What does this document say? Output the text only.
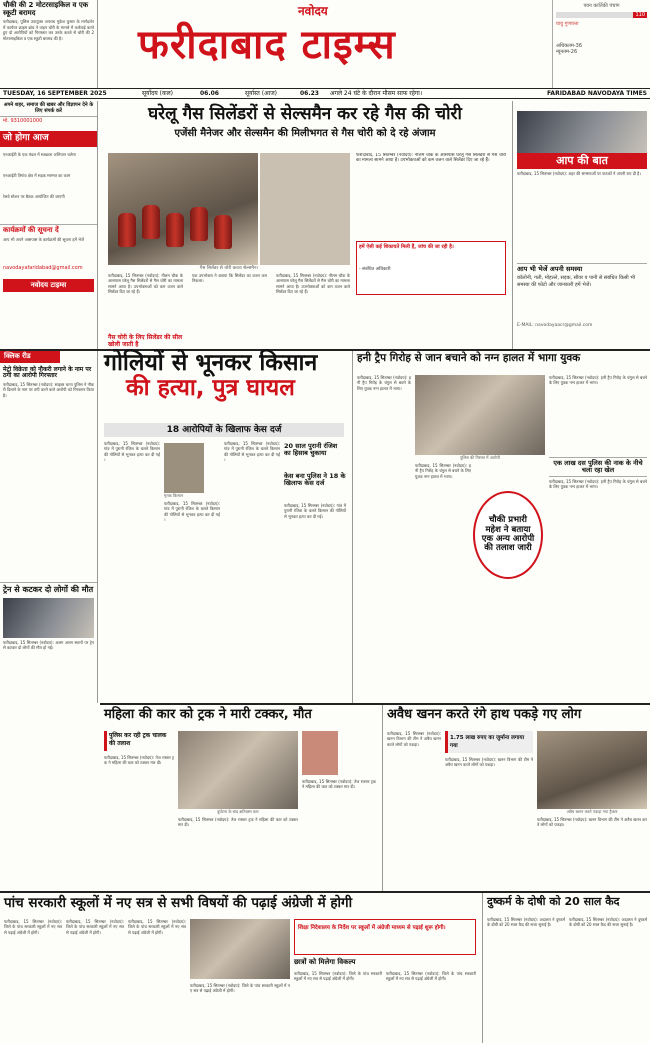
चौकी की 2 मोटरसाइकिल व एक स्कूटी बरामद
फरीदाबाद, पुलिस उपायुक्त अपराध मुकेश कुमार के मार्गदर्शन में कार्यरत क्राइम ब्रांच ने वाहन चोरी के मामले में कार्रवाई करते हुए दो आरोपियों को गिरफ्तार कर उनके कब्जे से चोरी की 2 मोटरसाइकिल व एक स्कूटी बरामद की है।
नवोदय
फरीदाबाद टाइम्स
पवन कार्तिकी पंचांग
110
वायु गुणवत्ता
अधिकतम-36
न्यूनतम-26
TUESDAY, 16 SEPTEMBER 2025	सूर्योदय (कल)	06.06	सूर्यास्त (आज)	06.23 अगले 24 घंटे के दौरान मौसम साफ रहेगा।	FARIDABAD NAVODAYA TIMES
अपने शहर, समाज की खबर और विज्ञापन देने के लिए संपर्क करें
मो. 9310001000
जो होगा आज
एनआईटी के एक मंडल में स्वच्छता अभियान चलेगा
एनआईटी तिगांव क्षेत्र में सड़क मरम्मत का काम
रेलवे स्टेशन पर बैठक आयोजित की जाएगी
कार्यक्रमों की सूचना दें
आप भी अपने आसपास के कार्यक्रमों की सूचना हमें भेजें
navodayafaridabad@gmail.com
नवोदय टाइम्स
घरेलू गैस सिलेंडरों से सेल्समैन कर रहे गैस की चोरी
एजेंसी मैनेजर और सेल्समैन की मिलीभगत से गैस चोरी को दे रहे अंजाम
गैस सिलेंडर से चोरी करता सेल्समैन।
फरीदाबाद, 15 सितम्बर (नवोदय): नीलम चौक के आसपास घरेलू गैस सिलेंडरों से गैस चोरी का मामला सामने आया है। उपभोक्ताओं को कम वजन वाले सिलेंडर दिए जा रहे हैं।
गैस चोरी के लिए सिलेंडर की सील खोली जाती है
एक उपभोक्ता ने बताया कि सिलेंडर का वजन कम निकला।
फरीदाबाद, 15 सितम्बर (नवोदय): नीलम चौक के आसपास घरेलू गैस सिलेंडरों से गैस चोरी का मामला सामने आया है। उपभोक्ताओं को कम वजन वाले सिलेंडर दिए जा रहे हैं।
फरीदाबाद, 15 सितम्बर (नवोदय): नीलम चौक के आसपास घरेलू गैस सिलेंडरों से गैस चोरी का मामला सामने आया है। उपभोक्ताओं को कम वजन वाले सिलेंडर दिए जा रहे हैं।
हमें ऐसी कई शिकायतें मिली हैं, जांच की जा रही है।
- संबंधित अधिकारी
आप की बात
फरीदाबाद, 15 सितम्बर (नवोदय): शहर की समस्याओं पर पाठकों ने अपनी राय दी है।
आप भी भेजें अपनी समस्या
कॉलोनी, गली, मोहल्ले, सड़क, सीवर व पानी से संबंधित किसी भी समस्या की फोटो और जानकारी हमें भेजें।
E-MAIL: navodayaacr@gmail.com
क्लिक रीड
मेट्रो विक्रेता को नौकरी लगाने के नाम पर ठगी का आरोपी गिरफ्तार
फरीदाबाद, 15 सितम्बर (नवोदय): साइबर थाना पुलिस ने नौकरी दिलाने के नाम पर ठगी करने वाले आरोपी को गिरफ्तार किया है।
ट्रेन से कटकर दो लोगों की मौत
फरीदाबाद, 15 सितम्बर (नवोदय): अलग अलग स्थानों पर ट्रेन से कटकर दो लोगों की मौत हो गई।
गोलियों से भूनकर किसान
की हत्या, पुत्र घायल
18 आरोपियों के खिलाफ केस दर्ज
फरीदाबाद, 15 सितम्बर (नवोदय): गांव में पुरानी रंजिश के चलते किसान की गोलियों से भूनकर हत्या कर दी गई।
मृतक किसान
फरीदाबाद, 15 सितम्बर (नवोदय): गांव में पुरानी रंजिश के चलते किसान की गोलियों से भूनकर हत्या कर दी गई।
फरीदाबाद, 15 सितम्बर (नवोदय): गांव में पुरानी रंजिश के चलते किसान की गोलियों से भूनकर हत्या कर दी गई।
20 साल पुरानी रंजिश का हिसाब चुकाया
केस बना पुलिस ने 18 के खिलाफ केस दर्ज
फरीदाबाद, 15 सितम्बर (नवोदय): गांव में पुरानी रंजिश के चलते किसान की गोलियों से भूनकर हत्या कर दी गई।
हनी ट्रैप गिरोह से जान बचाने को नग्न हालत में भागा युवक
फरीदाबाद, 15 सितम्बर (नवोदय): हनी ट्रैप गिरोह के चंगुल से बचने के लिए युवक नग्न हालत में भागा।
पुलिस की गिरफ्त में आरोपी
फरीदाबाद, 15 सितम्बर (नवोदय): हनी ट्रैप गिरोह के चंगुल से बचने के लिए युवक नग्न हालत में भागा।
चौकी प्रभारी महेश ने बताया एक अन्य आरोपी की तलाश जारी
फरीदाबाद, 15 सितम्बर (नवोदय): हनी ट्रैप गिरोह के चंगुल से बचने के लिए युवक नग्न हालत में भागा।
एक लाख दस पुलिस की नाक के नीचे चला रहा खेल
फरीदाबाद, 15 सितम्बर (नवोदय): हनी ट्रैप गिरोह के चंगुल से बचने के लिए युवक नग्न हालत में भागा।
महिला की कार को ट्रक ने मारी टक्कर, मौत
पुलिस कर रही ट्रक चालक की तलाश
फरीदाबाद, 15 सितम्बर (नवोदय): तेज रफ्तार ट्रक ने महिला की कार को टक्कर मार दी।
दुर्घटना के बाद क्षतिग्रस्त कार
फरीदाबाद, 15 सितम्बर (नवोदय): तेज रफ्तार ट्रक ने महिला की कार को टक्कर मार दी।
फरीदाबाद, 15 सितम्बर (नवोदय): तेज रफ्तार ट्रक ने महिला की कार को टक्कर मार दी।
अवैध खनन करते रंगे हाथ पकड़े गए लोग
फरीदाबाद, 15 सितम्बर (नवोदय): खनन विभाग की टीम ने अवैध खनन करते लोगों को पकड़ा।
1.75 लाख रुपए का जुर्माना लगाया गया
फरीदाबाद, 15 सितम्बर (नवोदय): खनन विभाग की टीम ने अवैध खनन करते लोगों को पकड़ा।
अवैध खनन करते पकड़ा गया ट्रैक्टर
फरीदाबाद, 15 सितम्बर (नवोदय): खनन विभाग की टीम ने अवैध खनन करते लोगों को पकड़ा।
पांच सरकारी स्कूलों में नए सत्र से सभी विषयों की पढ़ाई अंग्रेजी में होगी
फरीदाबाद, 15 सितम्बर (नवोदय): जिले के पांच सरकारी स्कूलों में नए सत्र से पढ़ाई अंग्रेजी में होगी।
फरीदाबाद, 15 सितम्बर (नवोदय): जिले के पांच सरकारी स्कूलों में नए सत्र से पढ़ाई अंग्रेजी में होगी।
फरीदाबाद, 15 सितम्बर (नवोदय): जिले के पांच सरकारी स्कूलों में नए सत्र से पढ़ाई अंग्रेजी में होगी।
फरीदाबाद, 15 सितम्बर (नवोदय): जिले के पांच सरकारी स्कूलों में नए सत्र से पढ़ाई अंग्रेजी में होगी।
शिक्षा निदेशालय के निर्देश पर स्कूलों में अंग्रेजी माध्यम से पढ़ाई शुरू होगी।
छात्रों को मिलेगा विकल्प
फरीदाबाद, 15 सितम्बर (नवोदय): जिले के पांच सरकारी स्कूलों में नए सत्र से पढ़ाई अंग्रेजी में होगी।
फरीदाबाद, 15 सितम्बर (नवोदय): जिले के पांच सरकारी स्कूलों में नए सत्र से पढ़ाई अंग्रेजी में होगी।
दुष्कर्म के दोषी को 20 साल कैद
फरीदाबाद, 15 सितम्बर (नवोदय): अदालत ने दुष्कर्म के दोषी को 20 साल कैद की सजा सुनाई है।
फरीदाबाद, 15 सितम्बर (नवोदय): अदालत ने दुष्कर्म के दोषी को 20 साल कैद की सजा सुनाई है।
